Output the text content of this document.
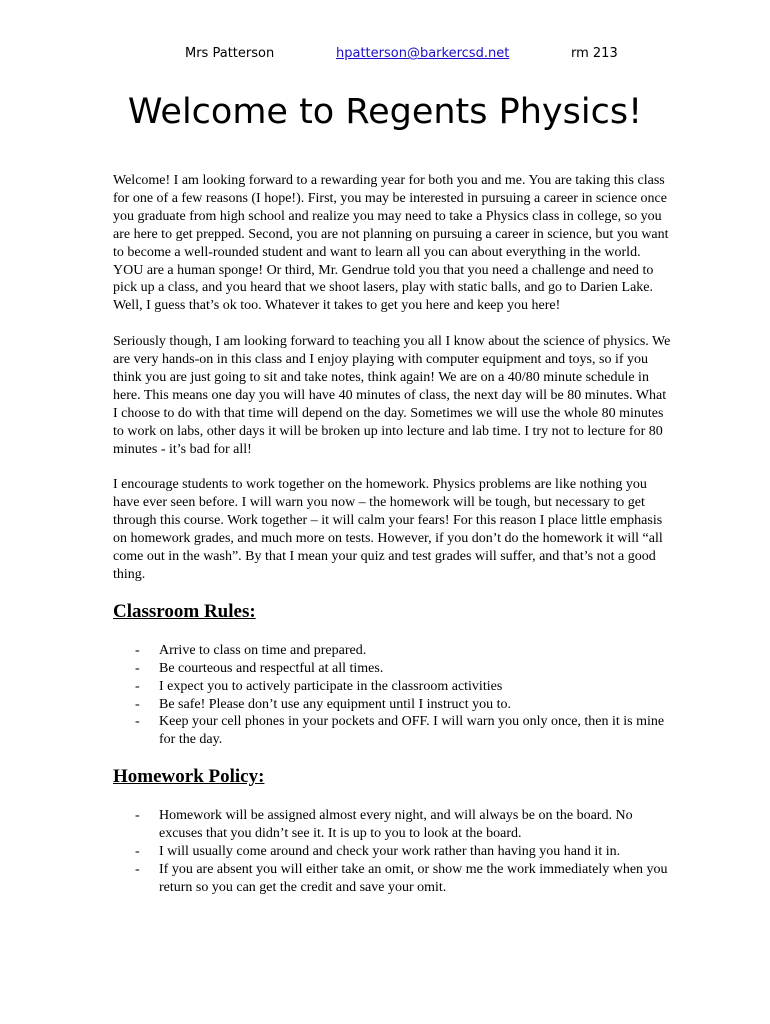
Mrs Patterson	hpatterson@barkercsd.net	rm 213
Welcome to Regents Physics!

Welcome! I am looking forward to a rewarding year for both you and me. You are taking this class for one of a few reasons (I hope!). First, you may be interested in pursuing a career in science once you graduate from high school and realize you may need to take a Physics class in college, so you are here to get prepped. Second, you are not planning on pursuing a career in science, but you want to become a well-rounded student and want to learn all you can about everything in the world. YOU are a human sponge! Or third, Mr. Gendrue told you that you need a challenge and need to pick up a class, and you heard that we shoot lasers, play with static balls, and go to Darien Lake. Well, I guess that’s ok too. Whatever it takes to get you here and keep you here!

Seriously though, I am looking forward to teaching you all I know about the science of physics. We are very hands-on in this class and I enjoy playing with computer equipment and toys, so if you think you are just going to sit and take notes, think again! We are on a 40/80 minute schedule in here. This means one day you will have 40 minutes of class, the next day will be 80 minutes. What I choose to do with that time will depend on the day. Sometimes we will use the whole 80 minutes to work on labs, other days it will be broken up into lecture and lab time. I try not to lecture for 80 minutes - it’s bad for all!

I encourage students to work together on the homework. Physics problems are like nothing you have ever seen before. I will warn you now – the homework will be tough, but necessary to get through this course. Work together – it will calm your fears! For this reason I place little emphasis on homework grades, and much more on tests. However, if you don’t do the homework it will “all come out in the wash”. By that I mean your quiz and test grades will suffer, and that’s not a good thing.

Classroom Rules:
- Arrive to class on time and prepared.
- Be courteous and respectful at all times.
- I expect you to actively participate in the classroom activities
- Be safe! Please don’t use any equipment until I instruct you to.
- Keep your cell phones in your pockets and OFF. I will warn you only once, then it is mine for the day.
Homework Policy:
- Homework will be assigned almost every night, and will always be on the board. No excuses that you didn’t see it. It is up to you to look at the board.
- I will usually come around and check your work rather than having you hand it in.
- If you are absent you will either take an omit, or show me the work immediately when you return so you can get the credit and save your omit.
